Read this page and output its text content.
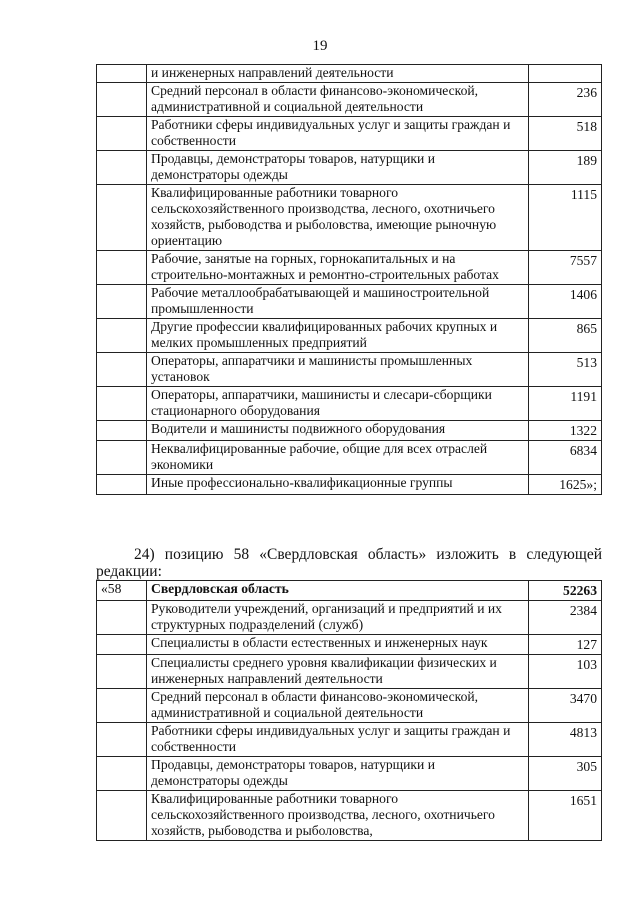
19
	и инженерных направлений деятельности	
	Средний персонал в области финансово-экономической, административной и социальной деятельности	236
	Работники сферы индивидуальных услуг и защиты граждан и собственности	518
	Продавцы, демонстраторы товаров, натурщики и демонстраторы одежды	189
	Квалифицированные работники товарного сельскохозяйственного производства, лесного, охотничьего хозяйств, рыбоводства и рыболовства, имеющие рыночную ориентацию	1115
	Рабочие, занятые на горных, горнокапитальных и на строительно-монтажных и ремонтно-строительных работах	7557
	Рабочие металлообрабатывающей и машиностроительной промышленности	1406
	Другие профессии квалифицированных рабочих крупных и мелких промышленных предприятий	865
	Операторы, аппаратчики и машинисты промышленных установок	513
	Операторы, аппаратчики, машинисты и слесари-сборщики стационарного оборудования	1191
	Водители и машинисты подвижного оборудования	1322
	Неквалифицированные рабочие, общие для всех отраслей экономики	6834
	Иные профессионально-квалификационные группы	1625»;
24) позицию 58 «Свердловская область» изложить в следующей редакции:
«58	Свердловская область	52263
	Руководители учреждений, организаций и предприятий и их структурных подразделений (служб)	2384
	Специалисты в области естественных и инженерных наук	127
	Специалисты среднего уровня квалификации физических и инженерных направлений деятельности	103
	Средний персонал в области финансово-экономической, административной и социальной деятельности	3470
	Работники сферы индивидуальных услуг и защиты граждан и собственности	4813
	Продавцы, демонстраторы товаров, натурщики и демонстраторы одежды	305
	Квалифицированные работники товарного сельскохозяйственного производства, лесного, охотничьего хозяйств, рыбоводства и рыболовства,	1651
